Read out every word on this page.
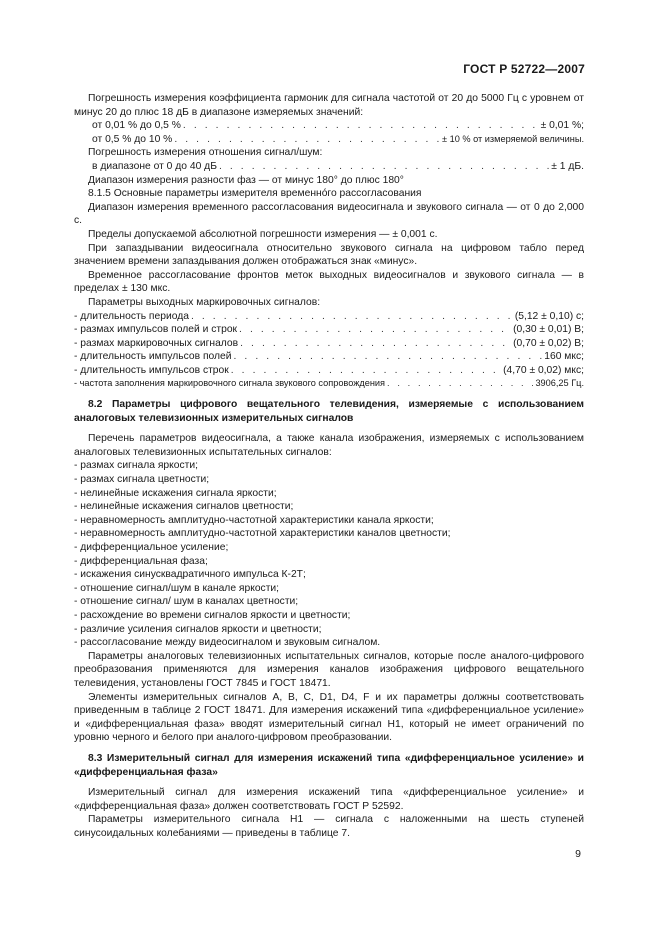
ГОСТ Р 52722—2007

Погрешность измерения коэффициента гармоник для сигнала частотой от 20 до 5000 Гц с уровнем от минус 20 до плюс 18 дБ в диапазоне измеряемых значений:

от 0,01 % до 0,5 % . . .	± 0,01 %;
от 0,5 % до 10 % . . .	± 10 % от измеряемой величины.

Погрешность измерения отношения сигнал/шум:

в диапазоне от 0 до 40 дБ . . .	± 1 дБ.

Диапазон измерения разности фаз — от минус 180° до плюс 180°

8.1.5 Основные параметры измерителя временно́го рассогласования

Диапазон измерения временного рассогласования видеосигнала и звукового сигнала — от 0 до 2,000 с.

Пределы допускаемой абсолютной погрешности измерения — ± 0,001 с.

При запаздывании видеосигнала относительно звукового сигнала на цифровом табло перед значением времени запаздывания должен отображаться знак «минус».

Временное рассогласование фронтов меток выходных видеосигналов и звукового сигнала — в пределах ± 130 мкс.

Параметры выходных маркировочных сигналов:

- длительность периода . . .	(5,12 ± 0,10) с;
- размах импульсов полей и строк . . .	(0,30 ± 0,01) В;
- размах маркировочных сигналов . . .	(0,70 ± 0,02) В;
- длительность импульсов полей . . .	160 мкс;
- длительность импульсов строк . . .	(4,70 ± 0,02) мкс;
- частота заполнения маркировочного сигнала звукового сопровождения . . .	3906,25 Гц.

8.2 Параметры цифрового вещательного телевидения, измеряемые с использованием аналоговых телевизионных измерительных сигналов

Перечень параметров видеосигнала, а также канала изображения, измеряемых с использованием аналоговых телевизионных испытательных сигналов:

- размах сигнала яркости;
- размах сигнала цветности;
- нелинейные искажения сигнала яркости;
- нелинейные искажения сигналов цветности;
- неравномерность амплитудно-частотной характеристики канала яркости;
- неравномерность амплитудно-частотной характеристики каналов цветности;
- дифференциальное усиление;
- дифференциальная фаза;
- искажения синусквадратичного импульса К-2Т;
- отношение сигнал/шум в канале яркости;
- отношение сигнал/ шум в каналах цветности;
- расхождение во времени сигналов яркости и цветности;
- различие усиления сигналов яркости и цветности;
- рассогласование между видеосигналом и звуковым сигналом.

Параметры аналоговых телевизионных испытательных сигналов, которые после аналого-цифрового преобразования применяются для измерения каналов изображения цифрового вещательного телевидения, установлены ГОСТ 7845 и ГОСТ 18471.

Элементы измерительных сигналов A, B, C, D1, D4, F и их параметры должны соответствовать приведенным в таблице 2 ГОСТ 18471. Для измерения искажений типа «дифференциальное усиление» и «дифференциальная фаза» вводят измерительный сигнал Н1, который не имеет ограничений по уровню черного и белого при аналого-цифровом преобразовании.

8.3 Измерительный сигнал для измерения искажений типа «дифференциальное усиление» и «дифференциальная фаза»

Измерительный сигнал для измерения искажений типа «дифференциальное усиление» и «дифференциальная фаза» должен соответствовать ГОСТ Р 52592.

Параметры измерительного сигнала Н1 — сигнала с наложенными на шесть ступеней синусоидальных колебаниями — приведены в таблице 7.

9
